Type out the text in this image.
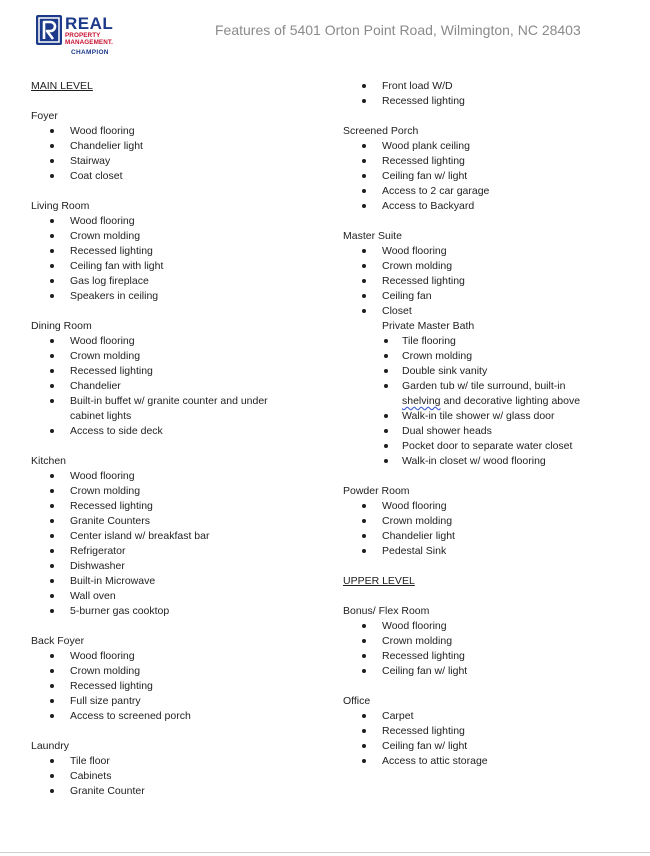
REAL
PROPERTY
MANAGEMENT.
CHAMPION
Features of 5401 Orton Point Road, Wilmington, NC 28403
MAIN LEVEL
Foyer
Wood flooring
Chandelier light
Stairway
Coat closet
Living Room
Wood flooring
Crown molding
Recessed lighting
Ceiling fan with light
Gas log fireplace
Speakers in ceiling
Dining Room
Wood flooring
Crown molding
Recessed lighting
Chandelier
Built-in buffet w/ granite counter and under cabinet lights
Access to side deck
Kitchen
Wood flooring
Crown molding
Recessed lighting
Granite Counters
Center island w/ breakfast bar
Refrigerator
Dishwasher
Built-in Microwave
Wall oven
5-burner gas cooktop
Back Foyer
Wood flooring
Crown molding
Recessed lighting
Full size pantry
Access to screened porch
Laundry
Tile floor
Cabinets
Granite Counter
Front load W/D
Recessed lighting
Screened Porch
Wood plank ceiling
Recessed lighting
Ceiling fan w/ light
Access to 2 car garage
Access to Backyard
Master Suite
Wood flooring
Crown molding
Recessed lighting
Ceiling fan
Closet
Private Master Bath
Tile flooring
Crown molding
Double sink vanity
Garden tub w/ tile surround, built-in
shelving and decorative lighting above
Walk-in tile shower w/ glass door
Dual shower heads
Pocket door to separate water closet
Walk-in closet w/ wood flooring
Powder Room
Wood flooring
Crown molding
Chandelier light
Pedestal Sink
UPPER LEVEL
Bonus/ Flex Room
Wood flooring
Crown molding
Recessed lighting
Ceiling fan w/ light
Office
Carpet
Recessed lighting
Ceiling fan w/ light
Access to attic storage
